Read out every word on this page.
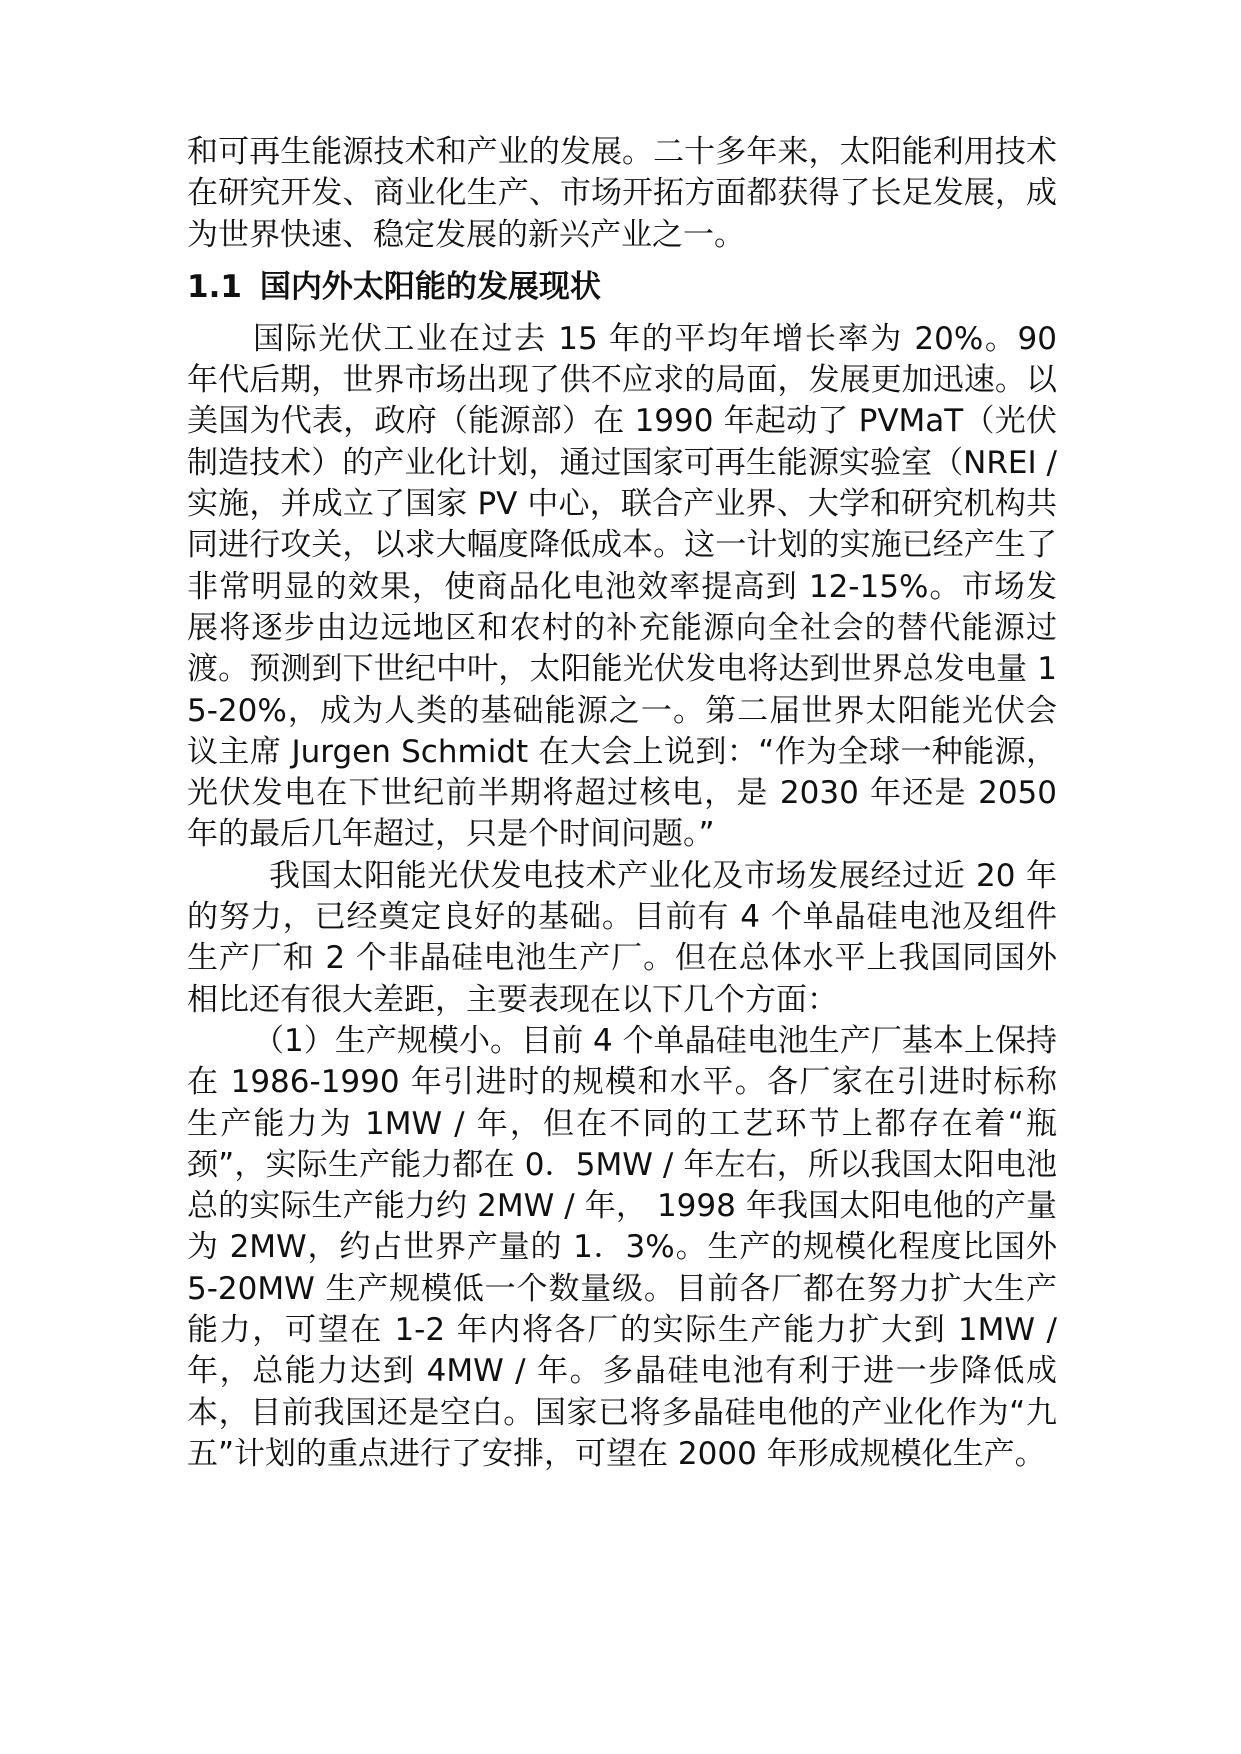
和可再生能源技术和产业的发展。二十多年来，太阳能利用技术在研究开发、商业化生产、市场开拓方面都获得了长足发展，成为世界快速、稳定发展的新兴产业之一。

1.1 国内外太阳能的发展现状

国际光伏工业在过去 15 年的平均年增长率为 20%。90 年代后期，世界市场出现了供不应求的局面，发展更加迅速。以美国为代表，政府（能源部）在 1990 年起动了 PVMaT（光伏制造技术）的产业化计划，通过国家可再生能源实验室（NREI / 实施，并成立了国家 PV 中心，联合产业界、大学和研究机构共同进行攻关，以求大幅度降低成本。这一计划的实施已经产生了非常明显的效果，使商品化电池效率提高到 12-15%。市场发展将逐步由边远地区和农村的补充能源向全社会的替代能源过渡。预测到下世纪中叶，太阳能光伏发电将达到世界总发电量 15-20%，成为人类的基础能源之一。第二届世界太阳能光伏会议主席 Jurgen Schmidt 在大会上说到：“作为全球一种能源，光伏发电在下世纪前半期将超过核电，是 2030 年还是 2050 年的最后几年超过，只是个时间问题。”

我国太阳能光伏发电技术产业化及市场发展经过近 20 年的努力，已经奠定良好的基础。目前有 4 个单晶硅电池及组件生产厂和 2 个非晶硅电池生产厂。但在总体水平上我国同国外相比还有很大差距，主要表现在以下几个方面：

（1）生产规模小。目前 4 个单晶硅电池生产厂基本上保持在 1986-1990 年引进时的规模和水平。各厂家在引进时标称生产能力为 1MW / 年，但在不同的工艺环节上都存在着“瓶颈”，实际生产能力都在 0．5MW / 年左右，所以我国太阳电池总的实际生产能力约 2MW / 年， 1998 年我国太阳电他的产量为 2MW，约占世界产量的 1．3%。生产的规模化程度比国外 5-20MW 生产规模低一个数量级。目前各厂都在努力扩大生产能力，可望在 1-2 年内将各厂的实际生产能力扩大到 1MW / 年，总能力达到 4MW / 年。多晶硅电池有利于进一步降低成本，目前我国还是空白。国家已将多晶硅电他的产业化作为“九五”计划的重点进行了安排，可望在 2000 年形成规模化生产。
